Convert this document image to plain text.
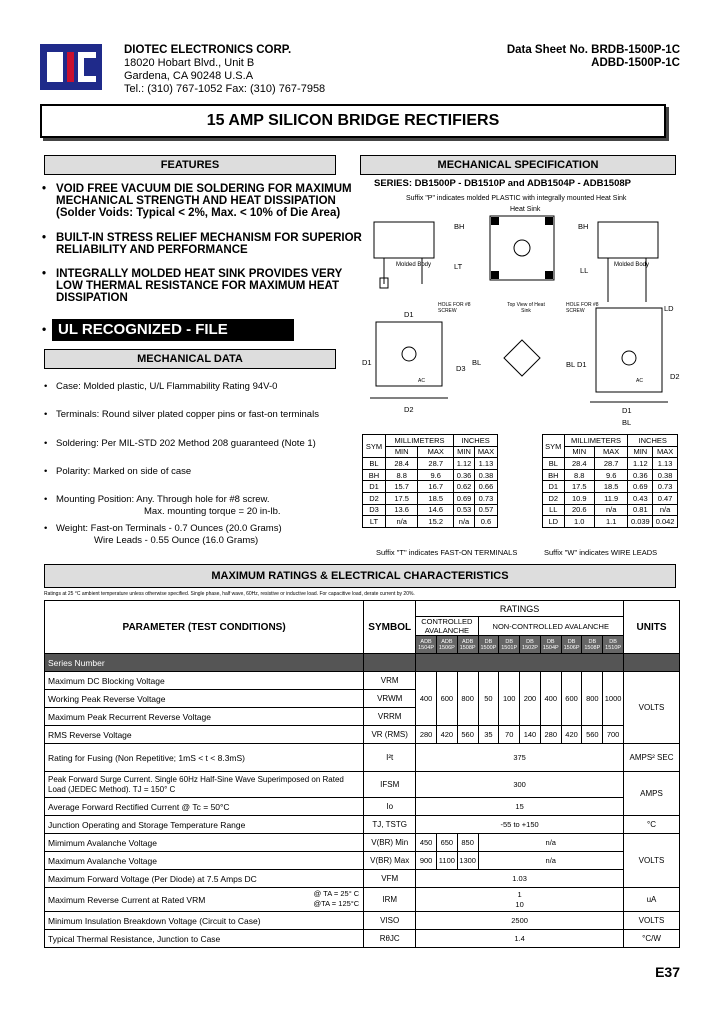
DIOTEC ELECTRONICS CORP.
18020 Hobart Blvd., Unit B
Gardena, CA 90248 U.S.A
Tel.: (310) 767-1052 Fax: (310) 767-7958
Data Sheet No. BRDB-1500P-1C
ADBD-1500P-1C
15 AMP SILICON BRIDGE RECTIFIERS
FEATURES
• VOID FREE VACUUM DIE SOLDERING FOR MAXIMUM MECHANICAL STRENGTH AND HEAT DISSIPATION
(Solder Voids: Typical < 2%, Max. < 10% of Die Area)
• BUILT-IN STRESS RELIEF MECHANISM FOR SUPERIOR RELIABILITY AND PERFORMANCE
• INTEGRALLY MOLDED HEAT SINK PROVIDES VERY LOW THERMAL RESISTANCE FOR MAXIMUM HEAT DISSIPATION
• UL RECOGNIZED - FILE
MECHANICAL DATA
• Case: Molded plastic, U/L Flammability Rating 94V-0
• Terminals: Round silver plated copper pins or fast-on terminals
• Soldering: Per MIL-STD 202 Method 208 guaranteed (Note 1)
• Polarity: Marked on side of case
• Mounting Position: Any. Through hole for #8 screw.
Max. mounting torque = 20 in-lb.
• Weight: Fast-on Terminals - 0.7 Ounces (20.0 Grams)
Wire Leads - 0.55 Ounce (16.0 Grams)
MECHANICAL SPECIFICATION
SERIES: DB1500P - DB1510P and ADB1504P - ADB1508P
Suffix "P" indicates molded PLASTIC with integrally mounted Heat Sink
Heat Sink
BH
LT
BH
LL
LD
D1
D1
D3
BL
D2
BL D1
D2
D1
BL
Molded Body	Molded Body
HOLE FOR #8 SCREW
HOLE FOR #8 SCREW
Top View of Heat Sink
AC	AC
SYM	MILLIMETERS		INCHES	
	MIN	MAX	MIN	MAX
BL	28.4	28.7	1.12	1.13
BH	8.8	9.6	0.36	0.38
D1	15.7	16.7	0.62	0.66
D2	17.5	18.5	0.69	0.73
D3	13.6	14.6	0.53	0.57
LT	n/a	15.2	n/a	0.6
SYM	MILLIMETERS		INCHES	
	MIN	MAX	MIN	MAX
BL	28.4	28.7	1.12	1.13
BH	8.8	9.6	0.36	0.38
D1	17.5	18.5	0.69	0.73
D2	10.9	11.9	0.43	0.47
LL	20.6	n/a	0.81	n/a
LD	1.0	1.1	0.039	0.042
Suffix "T" indicates FAST-ON TERMINALS	Suffix "W" indicates WIRE LEADS
MAXIMUM RATINGS & ELECTRICAL CHARACTERISTICS
Ratings at 25 °C ambient temperature unless otherwise specified. Single phase, half wave, 60Hz, resistive or inductive load. For capacitive load, derate current by 20%.
PARAMETER (TEST CONDITIONS)	SYMBOL	RATINGS										UNITS
		CONTROLLED AVALANCHE			NON-CONTROLLED AVALANCHE							
		ADB 1504P	ADB 1506P	ADB 1508P	DB 1500P	DB 1501P	DB 1502P	DB 1504P	DB 1506P	DB 1508P	DB 1510P	
Series Number												
Maximum DC Blocking Voltage	VRM	400	600	800	50	100	200	400	600	800	1000	VOLTS
Working Peak Reverse Voltage	VRWM											
Maximum Peak Recurrent Reverse Voltage	VRRM											
RMS Reverse Voltage	VR (RMS)	280	420	560	35	70	140	280	420	560	700	
Rating for Fusing (Non Repetitive; 1mS < t < 8.3mS)	I²t	375										AMPS² SEC
Peak Forward Surge Current. Single 60Hz Half-Sine Wave Superimposed on Rated Load (JEDEC Method). TJ = 150° C	IFSM	300										AMPS
Average Forward Rectified Current @ Tc = 50°C	Io	15										
Junction Operating and Storage Temperature Range	TJ, TSTG	-55 to +150										°C
Mimimum Avalanche Voltage	V(BR) Min	450	650	850	n/a							VOLTS
Maximum Avalanche Voltage	V(BR) Max	900	1100	1300	n/a							
Maximum Forward Voltage (Per Diode) at 7.5 Amps DC	VFM	1.03										
Maximum Reverse Current at Rated VRM
@ TA = 25° C
@TA = 125°C	IRM	1
10										uA
Minimum Insulation Breakdown Voltage (Circuit to Case)	VISO	2500										VOLTS
Typical Thermal Resistance, Junction to Case	RθJC	1.4										°C/W
E37
